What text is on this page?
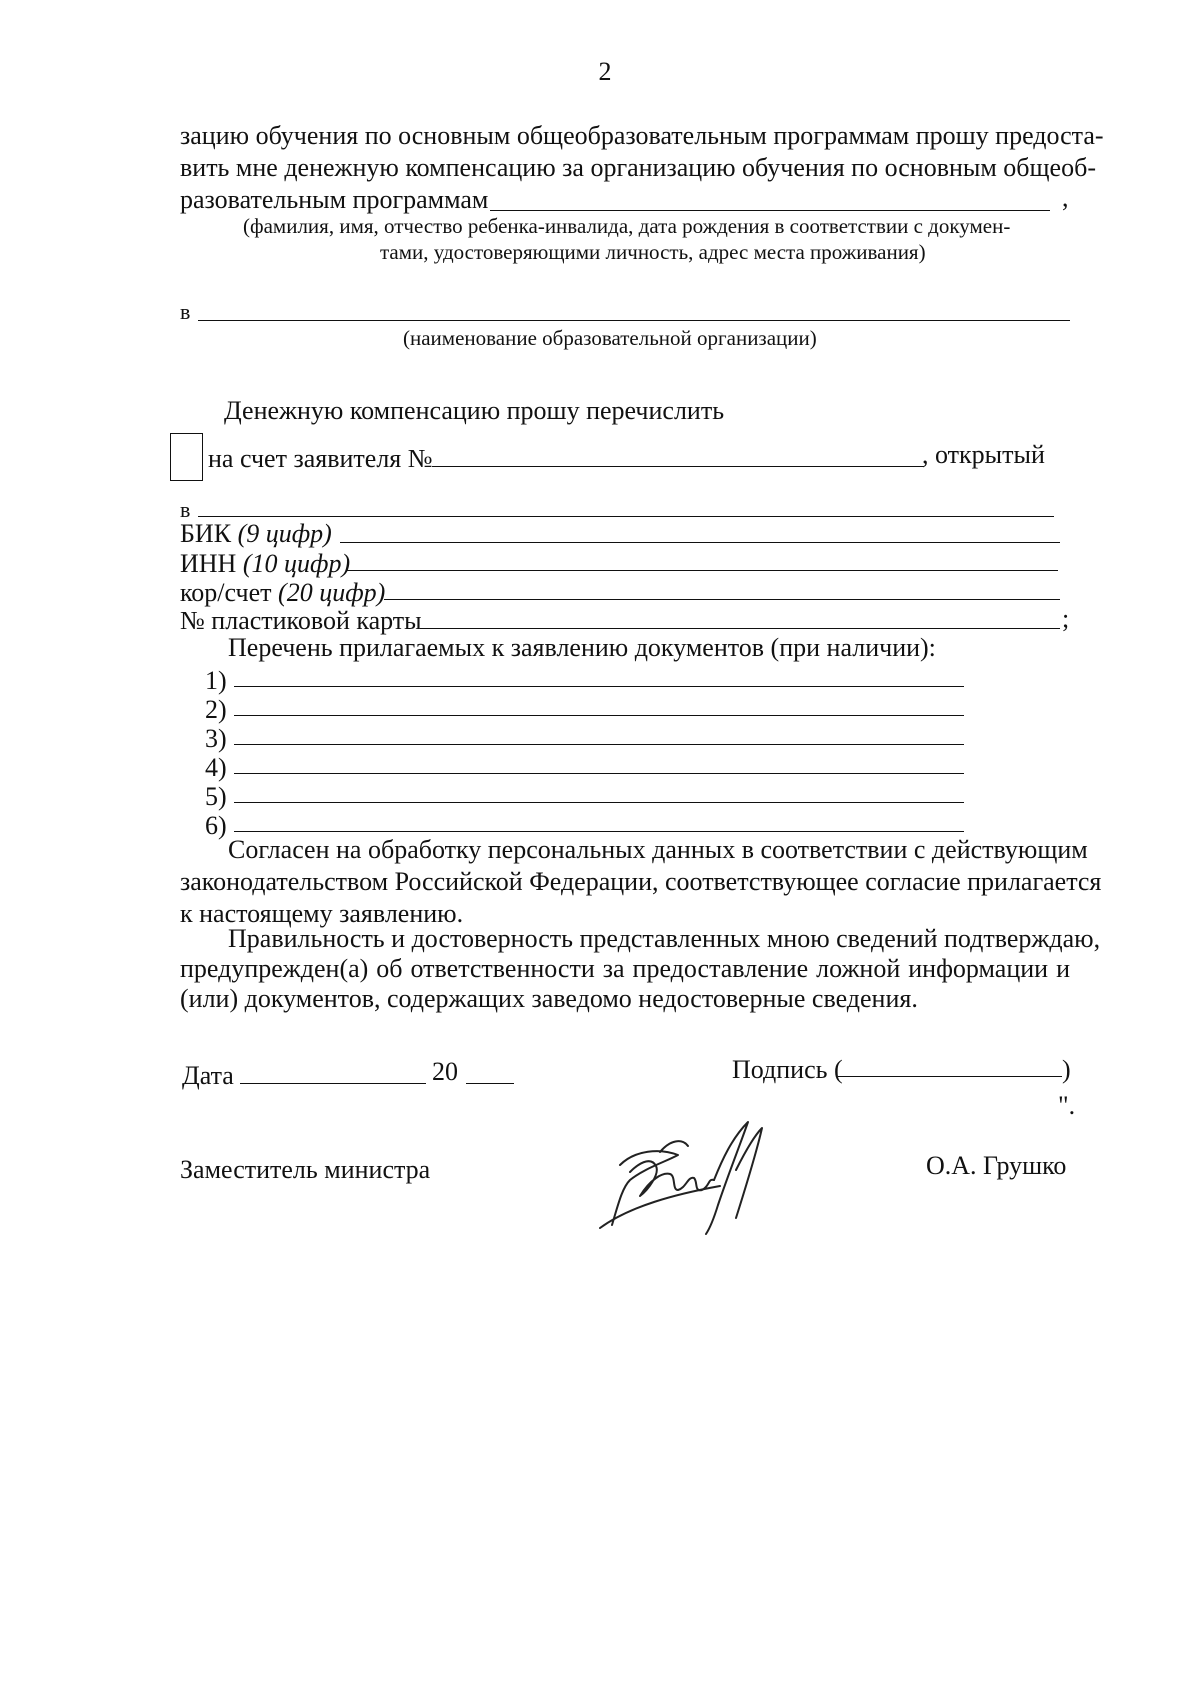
2
зацию обучения по основным общеобразовательным программам прошу предоста-
вить мне денежную компенсацию за организацию обучения по основным общеоб-
разовательным программам	,
(фамилия, имя, отчество ребенка-инвалида, дата рождения в соответствии с докумен-
тами, удостоверяющими личность, адрес места проживания)
в
(наименование образовательной организации)
Денежную компенсацию прошу перечислить
на счет заявителя №	, открытый
в
БИК (9 цифр)
ИНН (10 цифр)
кор/счет (20 цифр)
№ пластиковой карты	;
Перечень прилагаемых к заявлению документов (при наличии):
1)
2)
3)
4)
5)
6)
Согласен на обработку персональных данных в соответствии с действующим
законодательством Российской Федерации, соответствующее согласие прилагается
к настоящему заявлению.
Правильность и достоверность представленных мною сведений подтверждаю,
предупрежден(а) об ответственности за предоставление ложной информации и
(или) документов, содержащих заведомо недостоверные сведения.
Дата	20	Подпись (	)
".
Заместитель министра	О.А. Грушко
